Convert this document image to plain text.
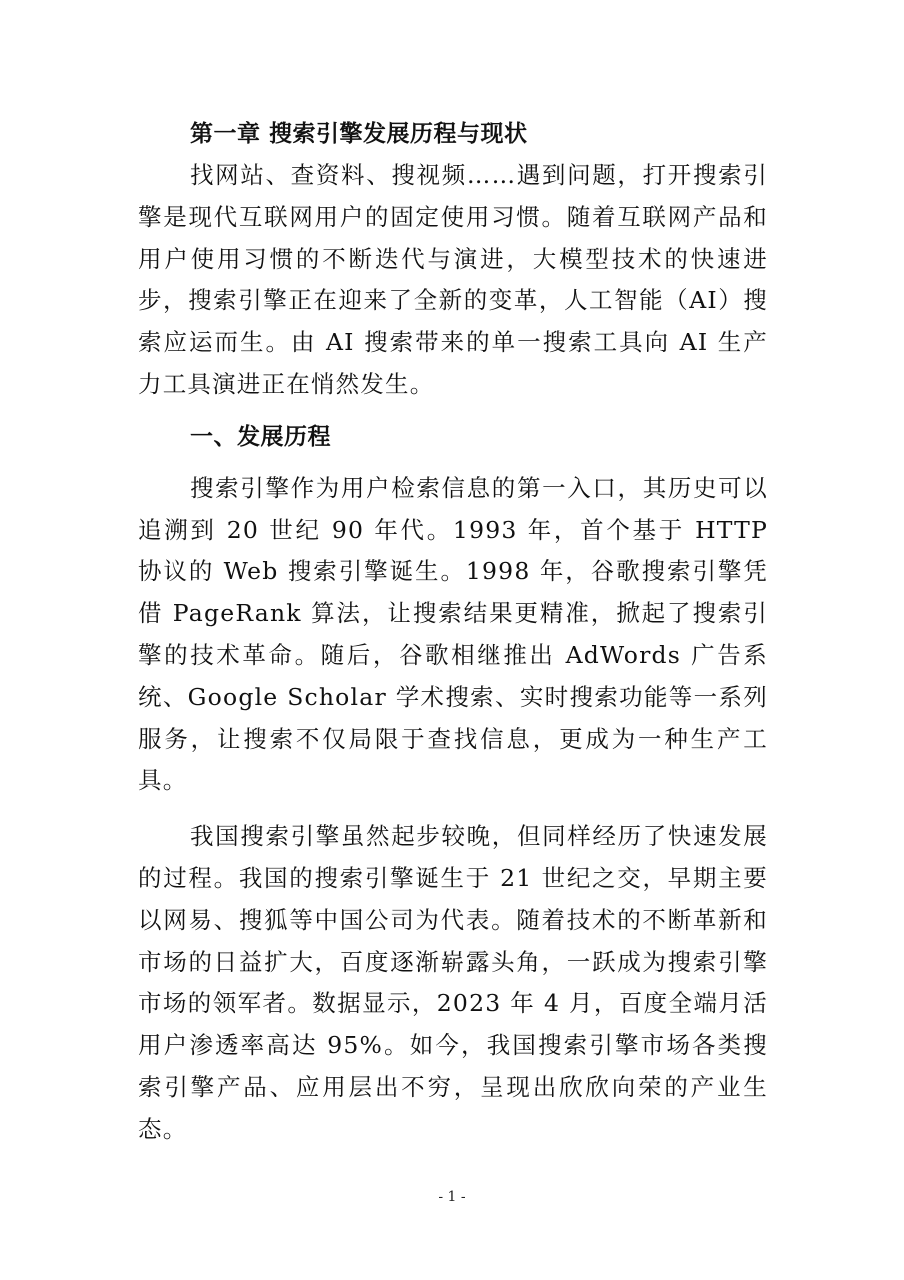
第一章 搜索引擎发展历程与现状

找网站、查资料、搜视频……遇到问题，打开搜索引擎是现代互联网用户的固定使用习惯。随着互联网产品和用户使用习惯的不断迭代与演进，大模型技术的快速进步，搜索引擎正在迎来了全新的变革，人工智能（AI）搜索应运而生。由 AI 搜索带来的单一搜索工具向 AI 生产力工具演进正在悄然发生。

一、发展历程

搜索引擎作为用户检索信息的第一入口，其历史可以追溯到 20 世纪 90 年代。1993 年，首个基于 HTTP 协议的 Web 搜索引擎诞生。1998 年，谷歌搜索引擎凭借 PageRank 算法，让搜索结果更精准，掀起了搜索引擎的技术革命。随后，谷歌相继推出 AdWords 广告系统、Google Scholar 学术搜索、实时搜索功能等一系列服务，让搜索不仅局限于查找信息，更成为一种生产工具。

我国搜索引擎虽然起步较晚，但同样经历了快速发展的过程。我国的搜索引擎诞生于 21 世纪之交，早期主要以网易、搜狐等中国公司为代表。随着技术的不断革新和市场的日益扩大，百度逐渐崭露头角，一跃成为搜索引擎市场的领军者。数据显示，2023 年 4 月，百度全端月活用户渗透率高达 95%。如今，我国搜索引擎市场各类搜索引擎产品、应用层出不穷，呈现出欣欣向荣的产业生态。

- 1 -
